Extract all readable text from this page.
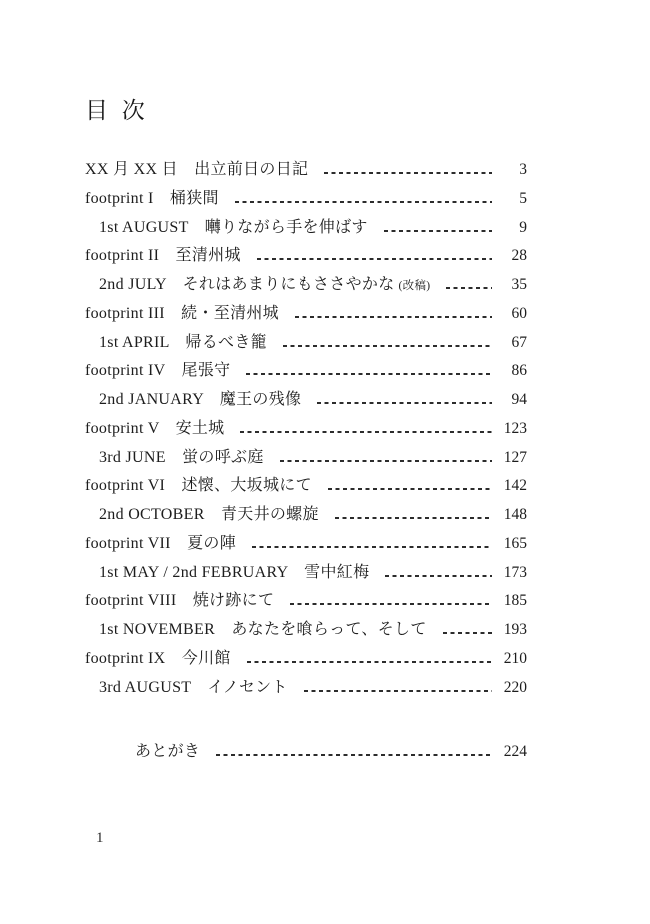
目 次
XX 月 XX 日　出立前日の日記	3
footprint I　桶狭間	5
1st AUGUST　囀りながら手を伸ばす	9
footprint II　至清州城	28
2nd JULY　それはあまりにもささやかな (改稿)	35
footprint III　続・至清州城	60
1st APRIL　帰るべき籠	67
footprint IV　尾張守	86
2nd JANUARY　魔王の残像	94
footprint V　安土城	123
3rd JUNE　蛍の呼ぶ庭	127
footprint VI　述懐、大坂城にて	142
2nd OCTOBER　青天井の螺旋	148
footprint VII　夏の陣	165
1st MAY / 2nd FEBRUARY　雪中紅梅	173
footprint VIII　焼け跡にて	185
1st NOVEMBER　あなたを喰らって、そして	193
footprint IX　今川館	210
3rd AUGUST　イノセント	220
あとがき	224
1
